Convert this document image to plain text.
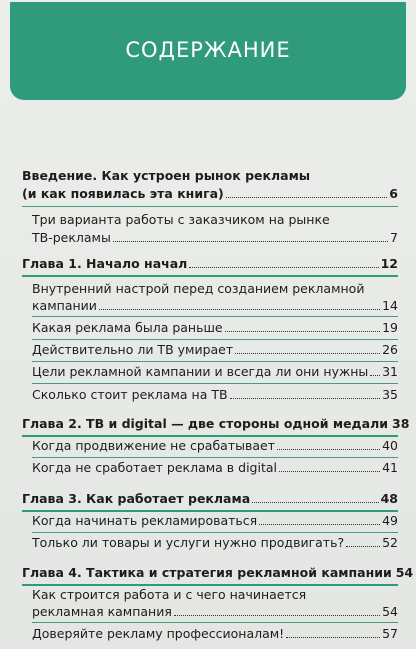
СОДЕРЖАНИЕ
Введение. Как устроен рынок рекламы
(и как появилась эта книга)	6
Три варианта работы с заказчиком на рынке
ТВ-рекламы	7
Глава 1. Начало начал	12
Внутренний настрой перед созданием рекламной
кампании	14
Какая реклама была раньше	19
Действительно ли ТВ умирает	26
Цели рекламной кампании и всегда ли они нужны 31
Сколько стоит реклама на ТВ	35
Глава 2. ТВ и digital — две стороны одной медали 38
Когда продвижение не срабатывает	40
Когда не сработает реклама в digital	41
Глава 3. Как работает реклама	48
Когда начинать рекламироваться	49
Только ли товары и услуги нужно продвигать?	52
Глава 4. Тактика и стратегия рекламной кампании 54
Как строится работа и с чего начинается
рекламная кампания	54
Доверяйте рекламу профессионалам!	57
